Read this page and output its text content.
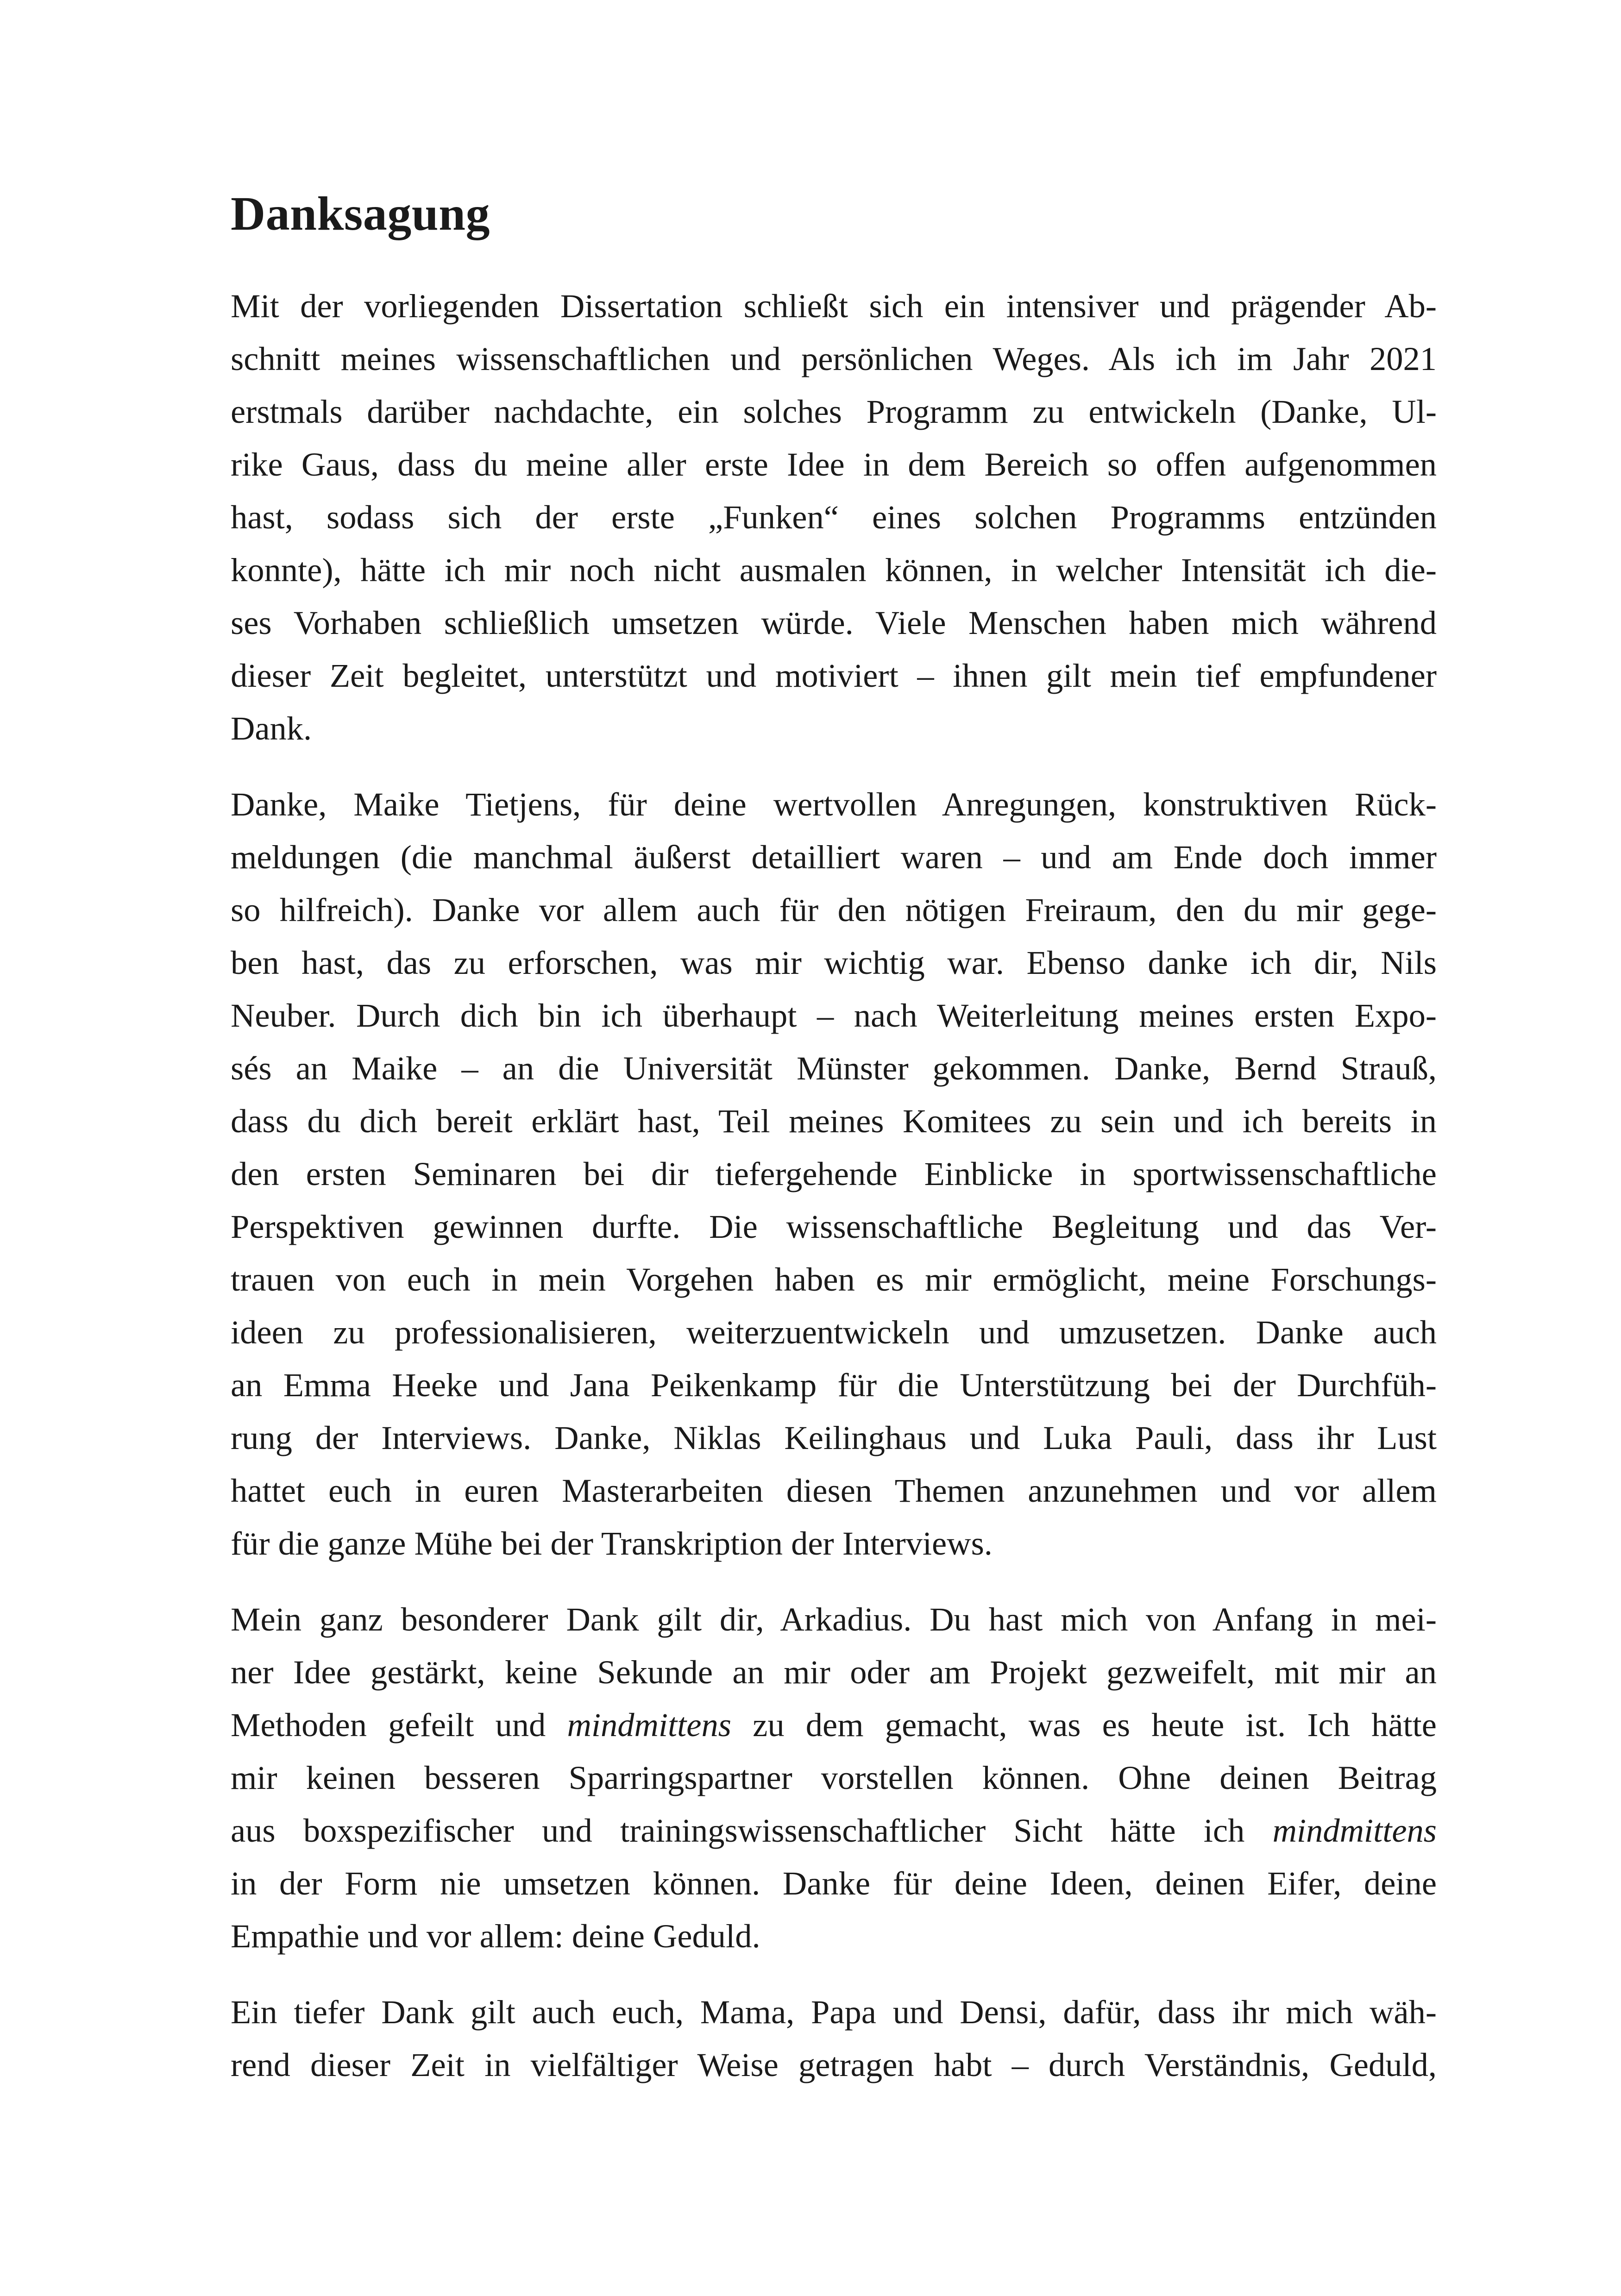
Danksagung

Mit der vorliegenden Dissertation schließt sich ein intensiver und prägender Ab-
schnitt meines wissenschaftlichen und persönlichen Weges. Als ich im Jahr 2021
erstmals darüber nachdachte, ein solches Programm zu entwickeln (Danke, Ul-
rike Gaus, dass du meine aller erste Idee in dem Bereich so offen aufgenommen
hast, sodass sich der erste „Funken“ eines solchen Programms entzünden
konnte), hätte ich mir noch nicht ausmalen können, in welcher Intensität ich die-
ses Vorhaben schließlich umsetzen würde. Viele Menschen haben mich während
dieser Zeit begleitet, unterstützt und motiviert – ihnen gilt mein tief empfundener
Dank.

Danke, Maike Tietjens, für deine wertvollen Anregungen, konstruktiven Rück-
meldungen (die manchmal äußerst detailliert waren – und am Ende doch immer
so hilfreich). Danke vor allem auch für den nötigen Freiraum, den du mir gege-
ben hast, das zu erforschen, was mir wichtig war. Ebenso danke ich dir, Nils
Neuber. Durch dich bin ich überhaupt – nach Weiterleitung meines ersten Expo-
sés an Maike – an die Universität Münster gekommen. Danke, Bernd Strauß,
dass du dich bereit erklärt hast, Teil meines Komitees zu sein und ich bereits in
den ersten Seminaren bei dir tiefergehende Einblicke in sportwissenschaftliche
Perspektiven gewinnen durfte. Die wissenschaftliche Begleitung und das Ver-
trauen von euch in mein Vorgehen haben es mir ermöglicht, meine Forschungs-
ideen zu professionalisieren, weiterzuentwickeln und umzusetzen. Danke auch
an Emma Heeke und Jana Peikenkamp für die Unterstützung bei der Durchfüh-
rung der Interviews. Danke, Niklas Keilinghaus und Luka Pauli, dass ihr Lust
hattet euch in euren Masterarbeiten diesen Themen anzunehmen und vor allem
für die ganze Mühe bei der Transkription der Interviews.

Mein ganz besonderer Dank gilt dir, Arkadius. Du hast mich von Anfang in mei-
ner Idee gestärkt, keine Sekunde an mir oder am Projekt gezweifelt, mit mir an
Methoden gefeilt und mindmittens zu dem gemacht, was es heute ist. Ich hätte
mir keinen besseren Sparringspartner vorstellen können. Ohne deinen Beitrag
aus boxspezifischer und trainingswissenschaftlicher Sicht hätte ich mindmittens
in der Form nie umsetzen können. Danke für deine Ideen, deinen Eifer, deine
Empathie und vor allem: deine Geduld.

Ein tiefer Dank gilt auch euch, Mama, Papa und Densi, dafür, dass ihr mich wäh-
rend dieser Zeit in vielfältiger Weise getragen habt – durch Verständnis, Geduld,
